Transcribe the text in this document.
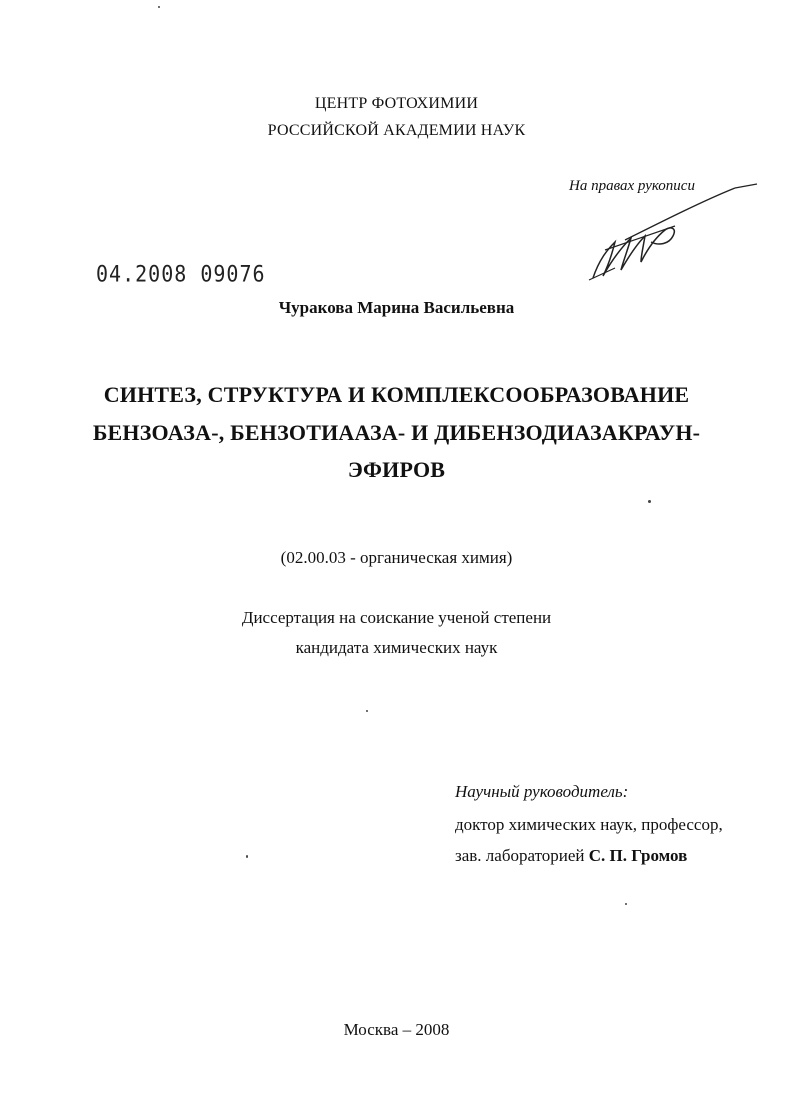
ЦЕНТР ФОТОХИМИИ
РОССИЙСКОЙ АКАДЕМИИ НАУК
На правах рукописи
04.2008 09076
Чуракова Марина Васильевна
СИНТЕЗ, СТРУКТУРА И КОМПЛЕКСООБРАЗОВАНИЕ
БЕНЗОАЗА-, БЕНЗОТИААЗА- И ДИБЕНЗОДИАЗАКРАУН-
ЭФИРОВ
(02.00.03 - органическая химия)
Диссертация на соискание ученой степени
кандидата химических наук
Научный руководитель:
доктор химических наук, профессор,
зав. лабораторией С. П. Громов
Москва – 2008
